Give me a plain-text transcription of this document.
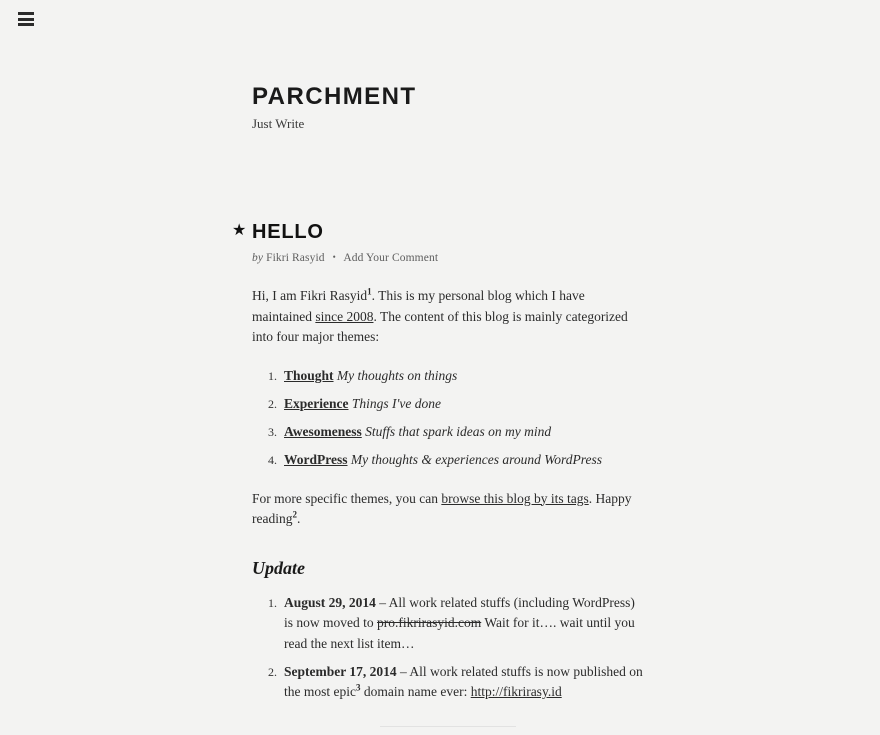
PARCHMENT

Just Write

★ HELLO
by Fikri Rasyid • Add Your Comment

Hi, I am Fikri Rasyid$^1$. This is my personal blog which I have maintained since 2008. The content of this blog is mainly categorized into four major themes:

1. Thought My thoughts on things
2. Experience Things I've done
3. Awesomeness Stuffs that spark ideas on my mind
4. WordPress My thoughts & experiences around WordPress

For more specific themes, you can browse this blog by its tags. Happy reading$^2$.

Update
1. August 29, 2014 – All work related stuffs (including WordPress) is now moved to pro.fikrirasyid.com Wait for it…. wait until you read the next list item…
2. September 17, 2014 – All work related stuffs is now published on the most epic$^3$ domain name ever: http://fikrirasy.id
